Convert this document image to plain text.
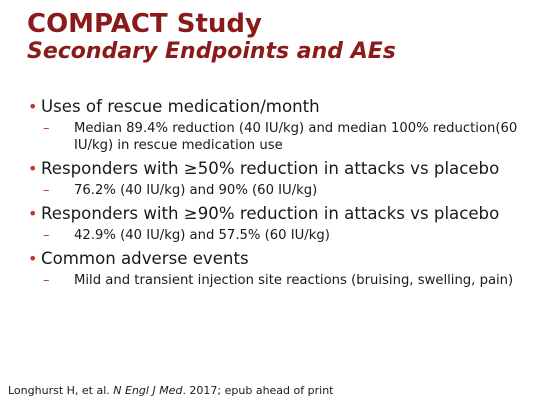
COMPACT Study
Secondary Endpoints and AEs
• Uses of rescue medication/month
– Median 89.4% reduction (40 IU/kg) and median 100% reduction(60 IU/kg) in rescue medication use
• Responders with ≥50% reduction in attacks vs placebo
– 76.2% (40 IU/kg) and 90% (60 IU/kg)
• Responders with ≥90% reduction in attacks vs placebo
– 42.9% (40 IU/kg) and 57.5% (60 IU/kg)
• Common adverse events
– Mild and transient injection site reactions (bruising, swelling, pain)
Longhurst H, et al. N Engl J Med. 2017; epub ahead of print
